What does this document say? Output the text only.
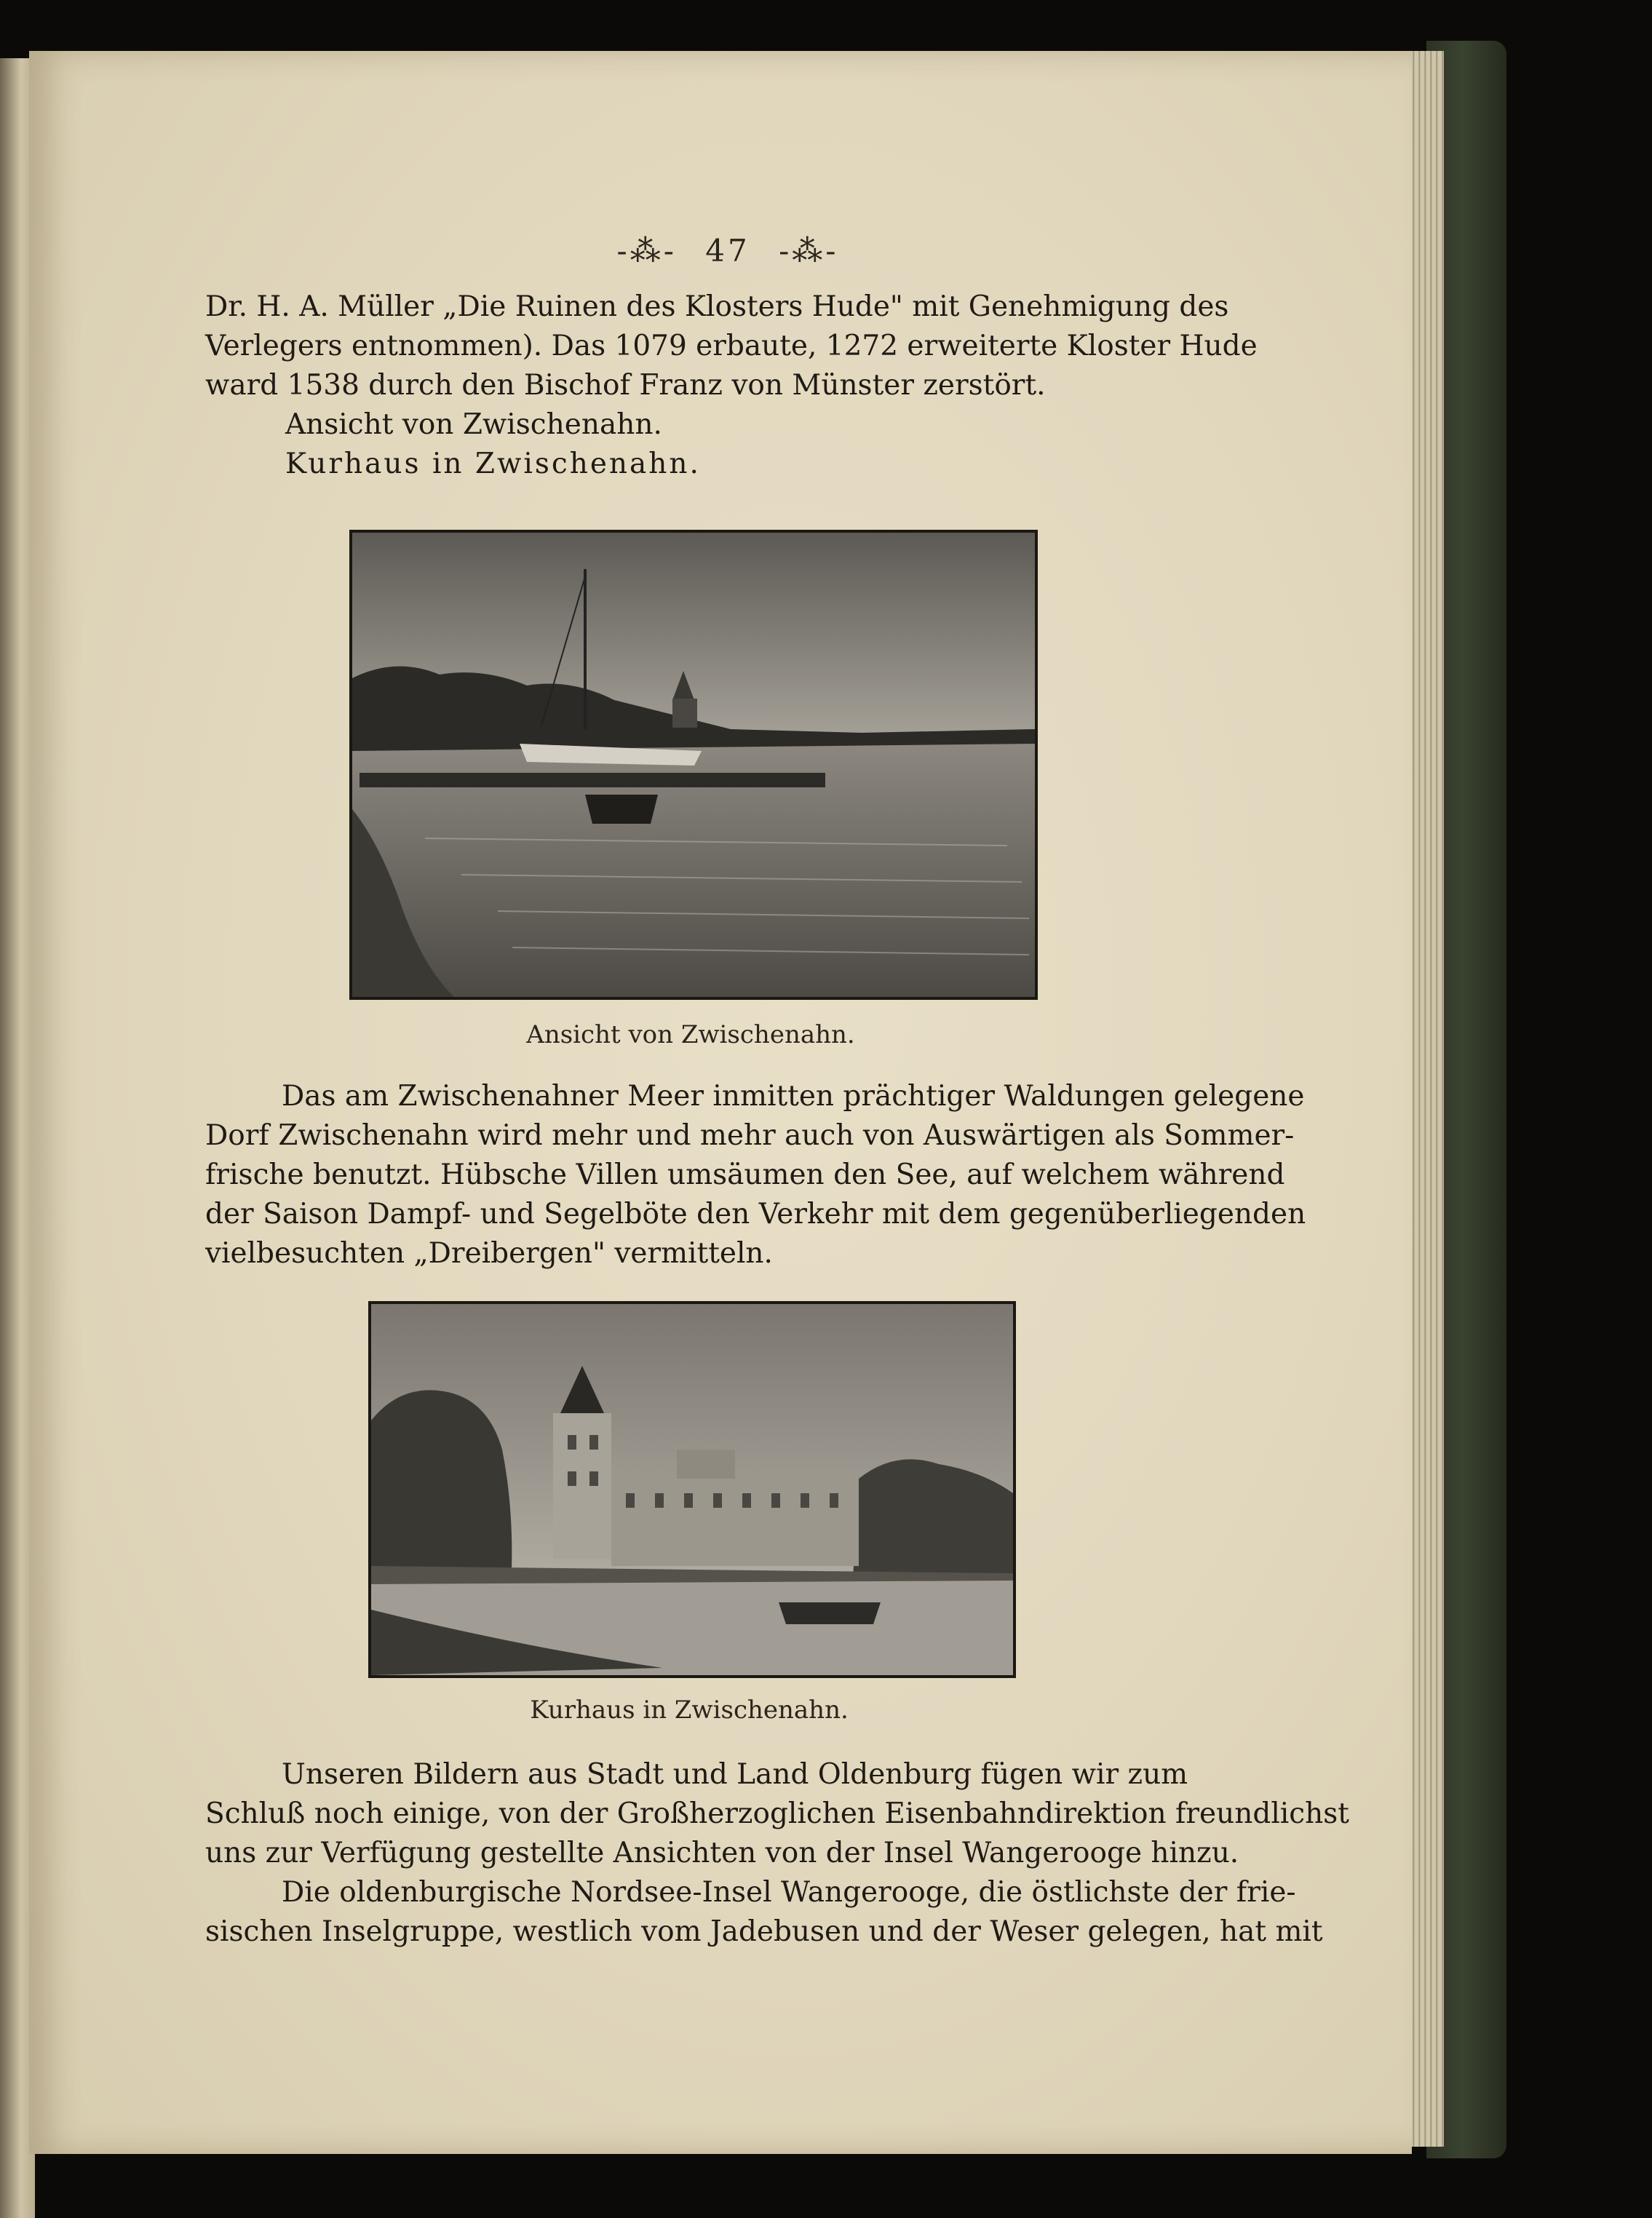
-⁂- 47 -⁂-
Dr. H. A. Müller „Die Ruinen des Klosters Hude" mit Genehmigung des
Verlegers entnommen). Das 1079 erbaute, 1272 erweiterte Kloster Hude
ward 1538 durch den Bischof Franz von Münster zerstört.
Ansicht von Zwischenahn.
Kurhaus in Zwischenahn.
Ansicht von Zwischenahn.
Das am Zwischenahner Meer inmitten prächtiger Waldungen gelegene
Dorf Zwischenahn wird mehr und mehr auch von Auswärtigen als Sommer-
frische benutzt. Hübsche Villen umsäumen den See, auf welchem während
der Saison Dampf- und Segelböte den Verkehr mit dem gegenüberliegenden
vielbesuchten „Dreibergen" vermitteln.
Kurhaus in Zwischenahn.
Unseren Bildern aus Stadt und Land Oldenburg fügen wir zum
Schluß noch einige, von der Großherzoglichen Eisenbahndirektion freundlichst
uns zur Verfügung gestellte Ansichten von der Insel Wangerooge hinzu.
Die oldenburgische Nordsee-Insel Wangerooge, die östlichste der frie-
sischen Inselgruppe, westlich vom Jadebusen und der Weser gelegen, hat mit
